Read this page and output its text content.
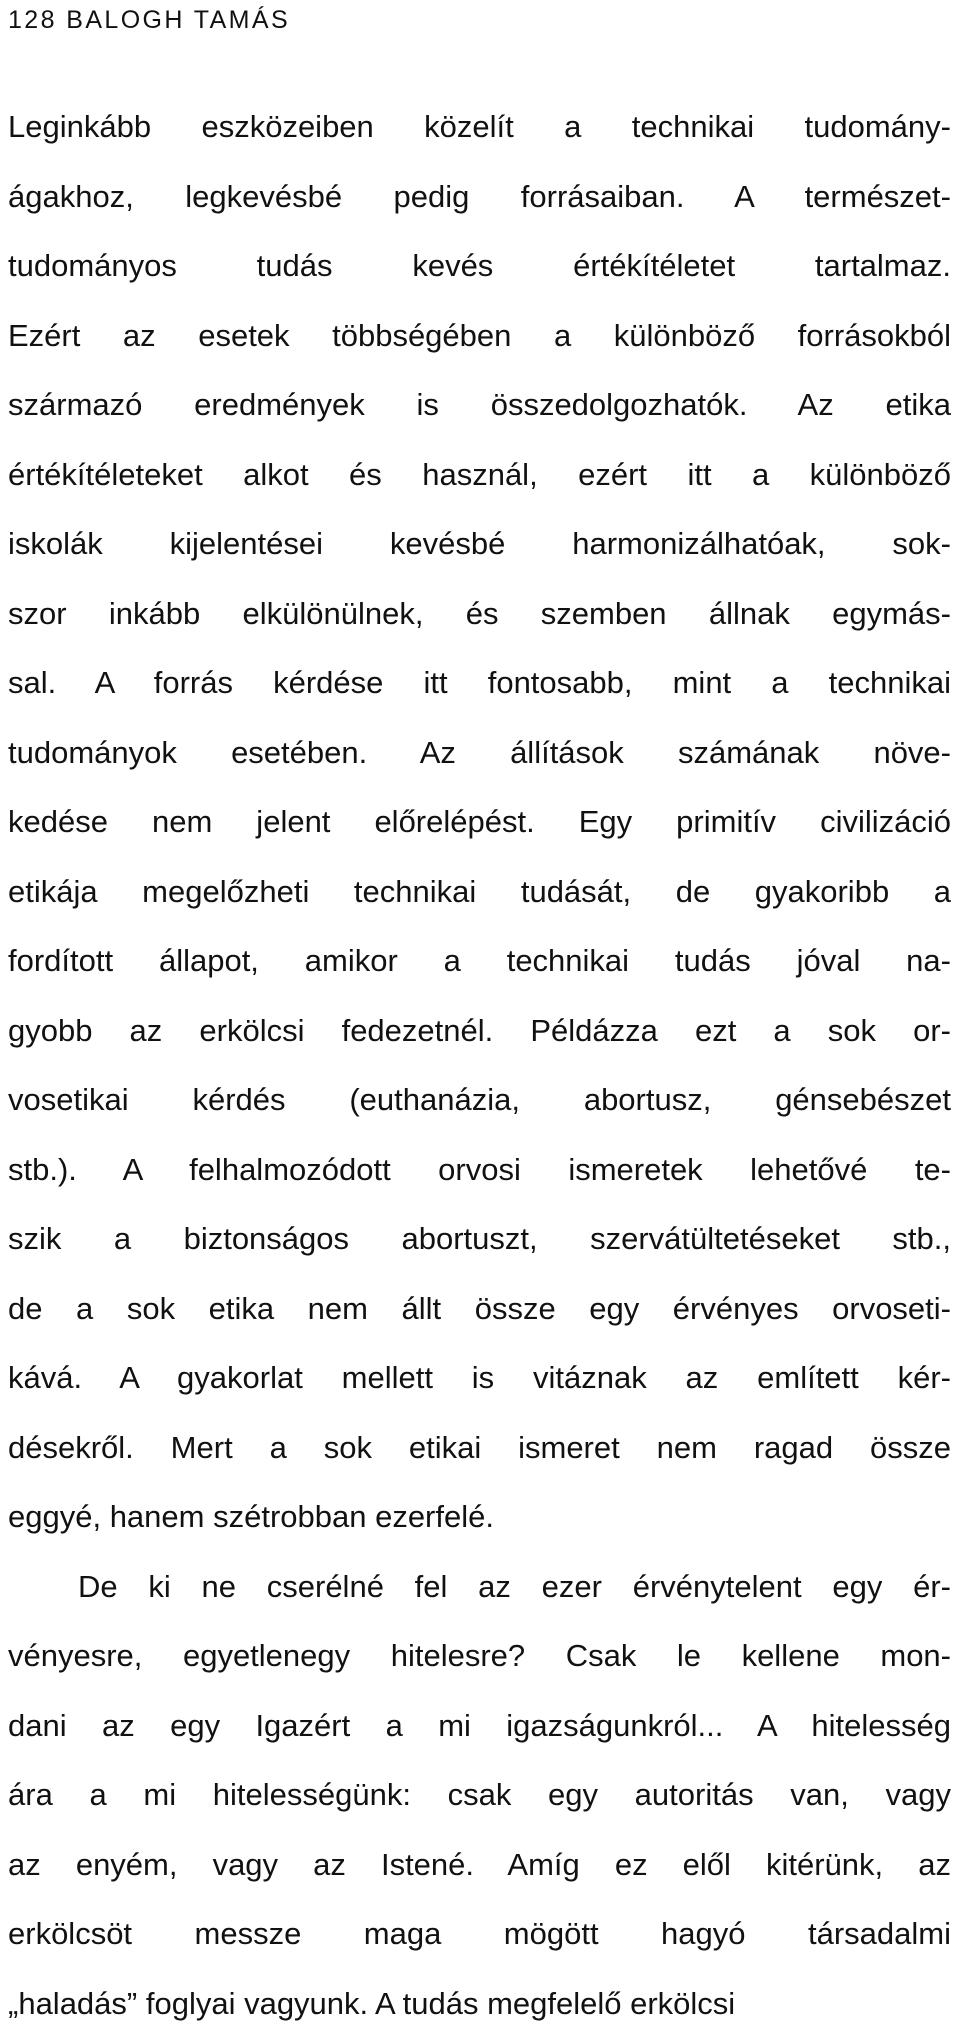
128 BALOGH TAMÁS
Leginkább eszközeiben közelít a technikai tudomány-
ágakhoz, legkevésbé pedig forrásaiban. A természet-
tudományos tudás kevés értékítéletet tartalmaz.
Ezért az esetek többségében a különböző forrásokból
származó eredmények is összedolgozhatók. Az etika
értékítéleteket alkot és használ, ezért itt a különböző
iskolák kijelentései kevésbé harmonizálhatóak, sok-
szor inkább elkülönülnek, és szemben állnak egymás-
sal. A forrás kérdése itt fontosabb, mint a technikai
tudományok esetében. Az állítások számának növe-
kedése nem jelent előrelépést. Egy primitív civilizáció
etikája megelőzheti technikai tudását, de gyakoribb a
fordított állapot, amikor a technikai tudás jóval na-
gyobb az erkölcsi fedezetnél. Példázza ezt a sok or-
vosetikai kérdés (euthanázia, abortusz, génsebészet
stb.). A felhalmozódott orvosi ismeretek lehetővé te-
szik a biztonságos abortuszt, szervátültetéseket stb.,
de a sok etika nem állt össze egy érvényes orvoseti-
kává. A gyakorlat mellett is vitáznak az említett kér-
désekről. Mert a sok etikai ismeret nem ragad össze
eggyé, hanem szétrobban ezerfelé.
De ki ne cserélné fel az ezer érvénytelent egy ér-
vényesre, egyetlenegy hitelesre? Csak le kellene mon-
dani az egy Igazért a mi igazságunkról... A hitelesség
ára a mi hitelességünk: csak egy autoritás van, vagy
az enyém, vagy az Istené. Amíg ez elől kitérünk, az
erkölcsöt messze maga mögött hagyó társadalmi
„haladás” foglyai vagyunk. A tudás megfelelő erkölcsi
